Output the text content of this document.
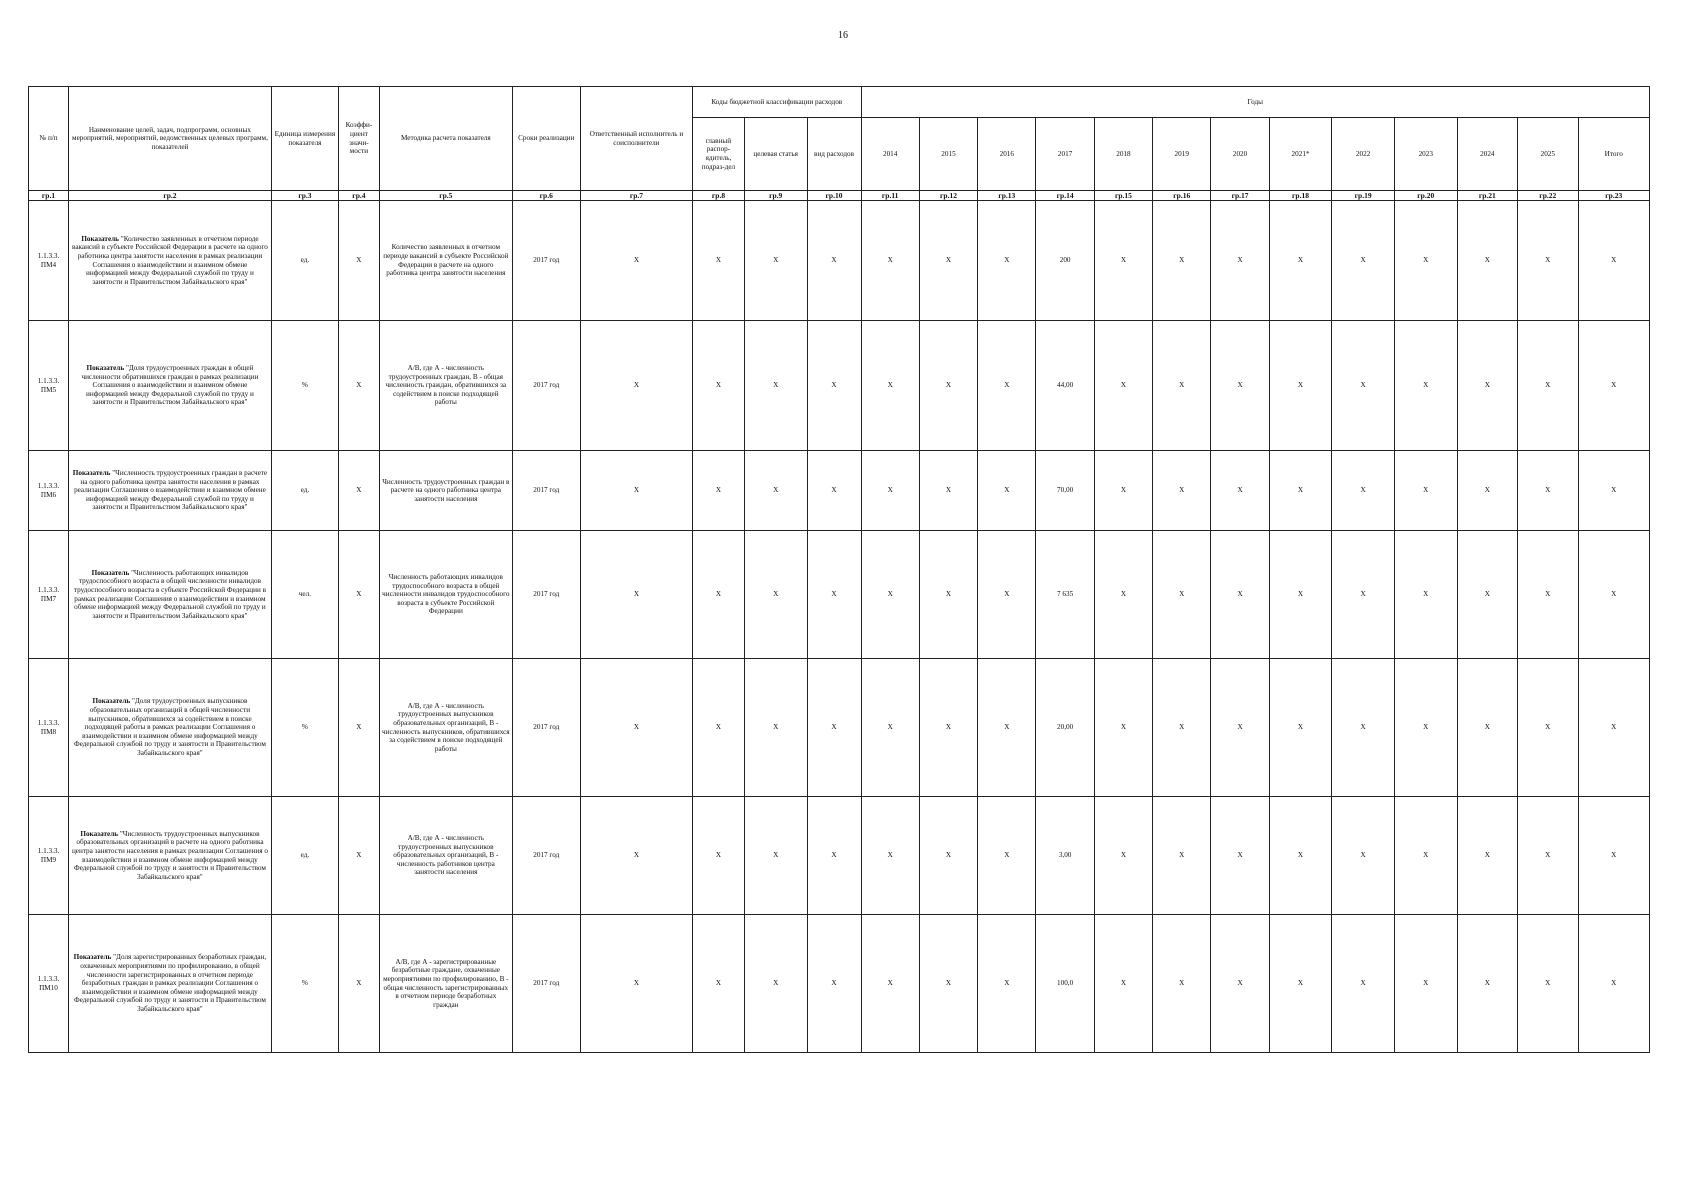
16
№ п/п	Наименование целей, задач, подпрограмм, основных мероприятий, мероприятий, ведомственных целевых программ, показателей	Единица измерения показателя	Коэффи-циент значи-мости	Методика расчета показателя	Сроки реализации	Ответственный исполнитель и соисполнители	Коды бюджетной классификации расходов			Годы												
							главный распор-ядитель, подраз-дел	целевая статья	вид расходов	2014	2015	2016	2017	2018	2019	2020	2021*	2022	2023	2024	2025	Итого
гр.1	гр.2	гр.3	гр.4	гр.5	гр.6	гр.7	гр.8	гр.9	гр.10	гр.11	гр.12	гр.13	гр.14	гр.15	гр.16	гр.17	гр.18	гр.19	гр.20	гр.21	гр.22	гр.23
1.1.3.3. ПМ4	Показатель "Количество заявленных в отчетном периоде вакансий в субъекте Российской Федерации в расчете на одного работника центра занятости населения в рамках реализации Соглашения о взаимодействии и взаимном обмене информацией между Федеральной службой по труду и занятости и Правительством Забайкальского края"	ед.	X	Количество заявленных в отчетном периоде вакансий в субъекте Российской Федерации в расчете на одного работника центра занятости населения	2017 год	X	X	X	X	X	X	X	200	X	X	X	X	X	X	X	X	X
1.1.3.3. ПМ5	Показатель "Доля трудоустроенных граждан в общей численности обратившихся граждан в рамках реализации Соглашения о взаимодействии и взаимном обмене информацией между Федеральной службой по труду и занятости и Правительством Забайкальского края"	%	X	А/В, где А - численность трудоустроенных граждан, В - общая численность граждан, обратившихся за содействием в поиске подходящей работы	2017 год	X	X	X	X	X	X	X	44,00	X	X	X	X	X	X	X	X	X
1.1.3.3. ПМ6	Показатель "Численность трудоустроенных граждан в расчете на одного работника центра занятости населения в рамках реализации Соглашения о взаимодействии и взаимном обмене информацией между Федеральной службой по труду и занятости и Правительством Забайкальского края"	ед.	X	Численность трудоустроенных граждан в расчете на одного работника центра занятости населения	2017 год	X	X	X	X	X	X	X	70,00	X	X	X	X	X	X	X	X	X
1.1.3.3. ПМ7	Показатель "Численность работающих инвалидов трудоспособного возраста в общей численности инвалидов трудоспособного возраста в субъекте Российской Федерации в рамках реализации Соглашения о взаимодействии и взаимном обмене информацией между Федеральной службой по труду и занятости и Правительством Забайкальского края"	чел.	X	Численность работающих инвалидов трудоспособного возраста в общей численности инвалидов трудоспособного возраста в субъекте Российской Федерации	2017 год	X	X	X	X	X	X	X	7 635	X	X	X	X	X	X	X	X	X
1.1.3.3. ПМ8	Показатель "Доля трудоустроенных выпускников образовательных организаций в общей численности выпускников, обратившихся за содействием в поиске подходящей работы в рамках реализации Соглашения о взаимодействии и взаимном обмене информацией между Федеральной службой по труду и занятости и Правительством Забайкальского края"	%	X	А/В, где А - численность трудоустроенных выпускников образовательных организаций, В - численность выпускников, обратившихся за содействием в поиске подходящей работы	2017 год	X	X	X	X	X	X	X	20,00	X	X	X	X	X	X	X	X	X
1.1.3.3. ПМ9	Показатель "Численность трудоустроенных выпускников образовательных организаций в расчете на одного работника центра занятости населения в рамках реализации Соглашения о взаимодействии и взаимном обмене информацией между Федеральной службой по труду и занятости и Правительством Забайкальского края"	ед.	X	А/В, где А - численность трудоустроенных выпускников образовательных организаций, В - численность работников центра занятости населения	2017 год	X	X	X	X	X	X	X	3,00	X	X	X	X	X	X	X	X	X
1.1.3.3. ПМ10	Показатель "Доля зарегистрированных безработных граждан, охваченных мероприятиями по профилированию, в общей численности зарегистрированных в отчетном периоде безработных граждан в рамках реализации Соглашения о взаимодействии и взаимном обмене информацией между Федеральной службой по труду и занятости и Правительством Забайкальского края"	%	X	А/В, где А - зарегистрированные безработные граждане, охваченные мероприятиями по профилированию, В - общая численность зарегистрированных в отчетном периоде безработных граждан	2017 год	X	X	X	X	X	X	X	100,0	X	X	X	X	X	X	X	X	X
